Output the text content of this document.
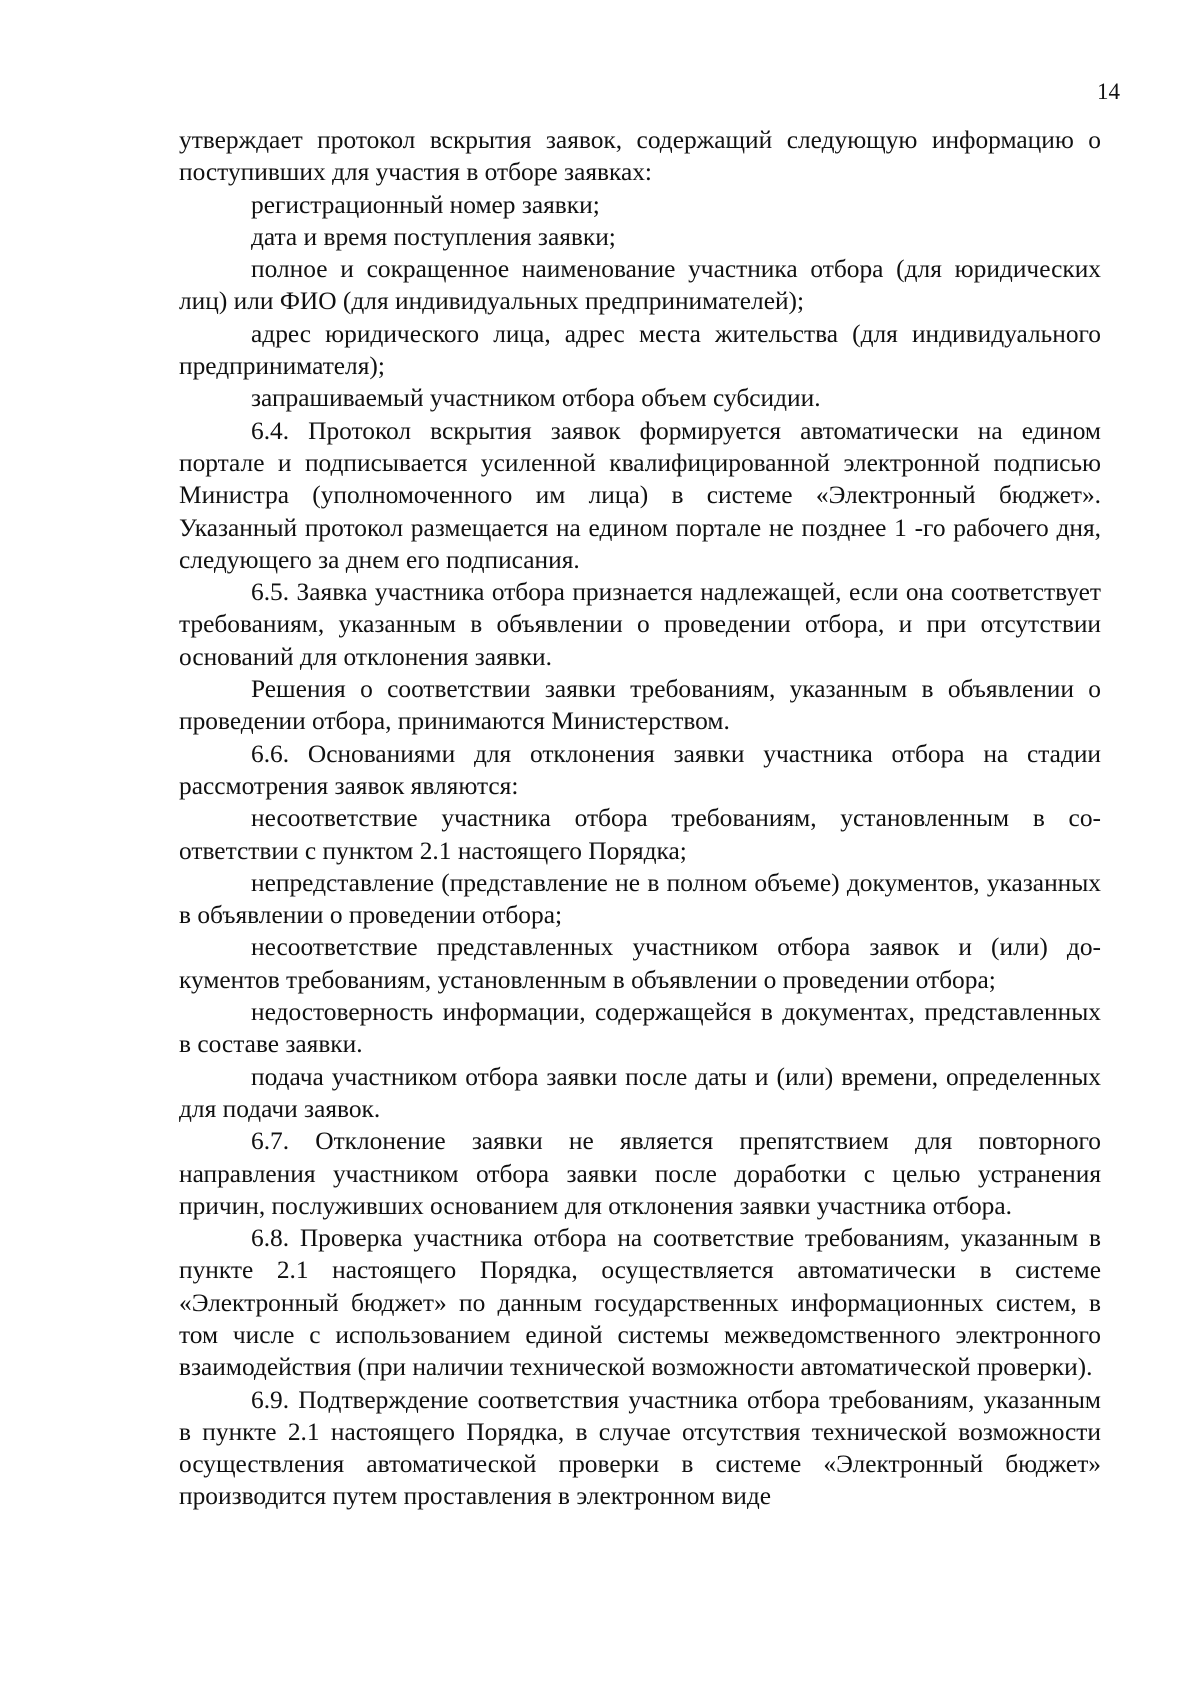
14

утверждает протокол вскрытия заявок, содержащий следующую информацию о поступивших для участия в отборе заявках:

регистрационный номер заявки;

дата и время поступления заявки;

полное и сокращенное наименование участника отбора (для юридических лиц) или ФИО (для индивидуальных предпринимателей);

адрес юридического лица, адрес места жительства (для индивидуального предпринимателя);

запрашиваемый участником отбора объем субсидии.

6.4. Протокол вскрытия заявок формируется автоматически на едином портале и подписывается усиленной квалифицированной электронной подписью Министра (уполномоченного им лица) в системе «Электронный бюджет». Указанный протокол размещается на едином портале не позднее 1 -го рабочего дня, следующего за днем его подписания.

6.5. Заявка участника отбора признается надлежащей, если она соответствует требованиям, указанным в объявлении о проведении отбора, и при отсутствии оснований для отклонения заявки.

Решения о соответствии заявки требованиям, указанным в объявлении о проведении отбора, принимаются Министерством.

6.6. Основаниями для отклонения заявки участника отбора на стадии рассмотрения заявок являются:

несоответствие участника отбора требованиям, установленным в соответствии с пунктом 2.1 настоящего Порядка;

непредставление (представление не в полном объеме) документов, указанных в объявлении о проведении отбора;

несоответствие представленных участником отбора заявок и (или) документов требованиям, установленным в объявлении о проведении отбора;

недостоверность информации, содержащейся в документах, представленных в составе заявки.

подача участником отбора заявки после даты и (или) времени, определенных для подачи заявок.

6.7. Отклонение заявки не является препятствием для повторного направления участником отбора заявки после доработки с целью устранения причин, послуживших основанием для отклонения заявки участника отбора.

6.8. Проверка участника отбора на соответствие требованиям, указанным в пункте 2.1 настоящего Порядка, осуществляется автоматически в системе «Электронный бюджет» по данным государственных информационных систем, в том числе с использованием единой системы межведомственного электронного взаимодействия (при наличии технической возможности автоматической проверки).

6.9. Подтверждение соответствия участника отбора требованиям, указанным в пункте 2.1 настоящего Порядка, в случае отсутствия технической возможности осуществления автоматической проверки в системе «Электронный бюджет» производится путем проставления в электронном виде
